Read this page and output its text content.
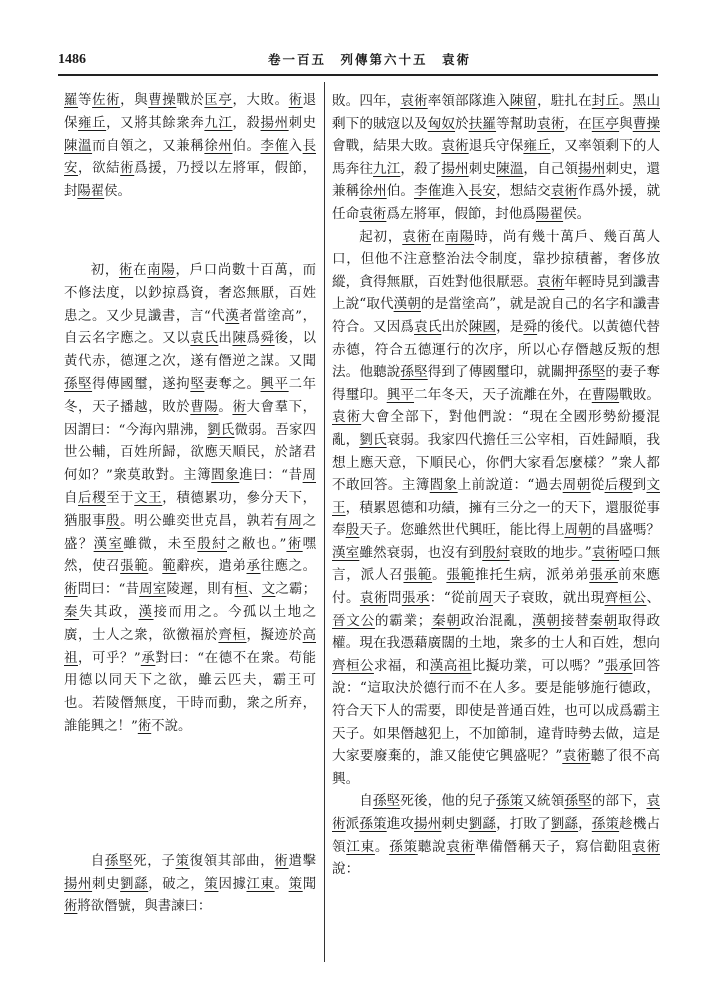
1486	卷一百五　列傳第六十五　袁術

羅等佐術，與曹操戰於匡亭，大敗。術退保雍丘，又將其餘衆奔九江，殺揚州刺史陳溫而自領之，又兼稱徐州伯。李傕入長安，欲結術爲援，乃授以左將軍，假節，封陽翟侯。

初，術在南陽，戶口尚數十百萬，而不修法度，以鈔掠爲資，奢恣無厭，百姓患之。又少見讖書，言“代漢者當塗高”，自云名字應之。又以袁氏出陳爲舜後，以黃代赤，德運之次，遂有僭逆之謀。又聞孫堅得傳國璽，遂拘堅妻奪之。興平二年冬，天子播越，敗於曹陽。術大會羣下，因謂曰：“今海內鼎沸，劉氏微弱。吾家四世公輔，百姓所歸，欲應天順民，於諸君何如？”衆莫敢對。主簿閻象進曰：“昔周自后稷至于文王，積德累功，參分天下，猶服事殷。明公雖奕世克昌，孰若有周之盛？漢室雖微，未至殷紂之敝也。”術嘿然，使召張範。範辭疾，遣弟承往應之。術問曰：“昔周室陵遲，則有桓、文之霸；秦失其政，漢接而用之。今孤以土地之廣，士人之衆，欲徼福於齊桓，擬迹於高祖，可乎？”承對曰：“在德不在衆。苟能用德以同天下之欲，雖云匹夫，霸王可也。若陵僭無度，干時而動，衆之所弃，誰能興之！”術不說。

自孫堅死，子策復領其部曲，術遣擊揚州刺史劉繇，破之，策因據江東。策聞術將欲僭號，與書諫曰：

敗。四年，袁術率領部隊進入陳留，駐扎在封丘。黑山剩下的賊寇以及匈奴於扶羅等幫助袁術，在匡亭與曹操會戰，結果大敗。袁術退兵守保雍丘，又率領剩下的人馬奔往九江，殺了揚州刺史陳溫，自己領揚州刺史，還兼稱徐州伯。李傕進入長安，想結交袁術作爲外援，就任命袁術爲左將軍，假節，封他爲陽翟侯。

起初，袁術在南陽時，尚有幾十萬戶、幾百萬人口，但他不注意整治法令制度，靠抄掠積蓄，奢侈放縱，貪得無厭，百姓對他很厭惡。袁術年輕時見到讖書上說“取代漢朝的是當塗高”，就是說自己的名字和讖書符合。又因爲袁氏出於陳國，是舜的後代。以黃德代替赤德，符合五德運行的次序，所以心存僭越反叛的想法。他聽說孫堅得到了傳國璽印，就關押孫堅的妻子奪得璽印。興平二年冬天，天子流離在外，在曹陽戰敗。袁術大會全部下，對他們說：“現在全國形勢紛擾混亂，劉氏衰弱。我家四代擔任三公宰相，百姓歸順，我想上應天意，下順民心，你們大家看怎麼樣？”衆人都不敢回答。主簿閻象上前說道：“過去周朝從后稷到文王，積累恩德和功績，擁有三分之一的天下，還服從事奉殷天子。您雖然世代興旺，能比得上周朝的昌盛嗎？漢室雖然衰弱，也沒有到殷紂衰敗的地步。”袁術啞口無言，派人召張範。張範推托生病，派弟弟張承前來應付。袁術問張承：“從前周天子衰敗，就出現齊桓公、晉文公的霸業；秦朝政治混亂，漢朝接替秦朝取得政權。現在我憑藉廣闊的土地，衆多的士人和百姓，想向齊桓公求福，和漢高祖比擬功業，可以嗎？”張承回答說：“這取決於德行而不在人多。要是能够施行德政，符合天下人的需要，即使是普通百姓，也可以成爲霸主天子。如果僭越犯上，不加節制，違背時勢去做，這是大家要廢棄的，誰又能使它興盛呢？”袁術聽了很不高興。

自孫堅死後，他的兒子孫策又統領孫堅的部下，袁術派孫策進攻揚州刺史劉繇，打敗了劉繇，孫策趁機占領江東。孫策聽說袁術準備僭稱天子，寫信勸阻袁術說：
